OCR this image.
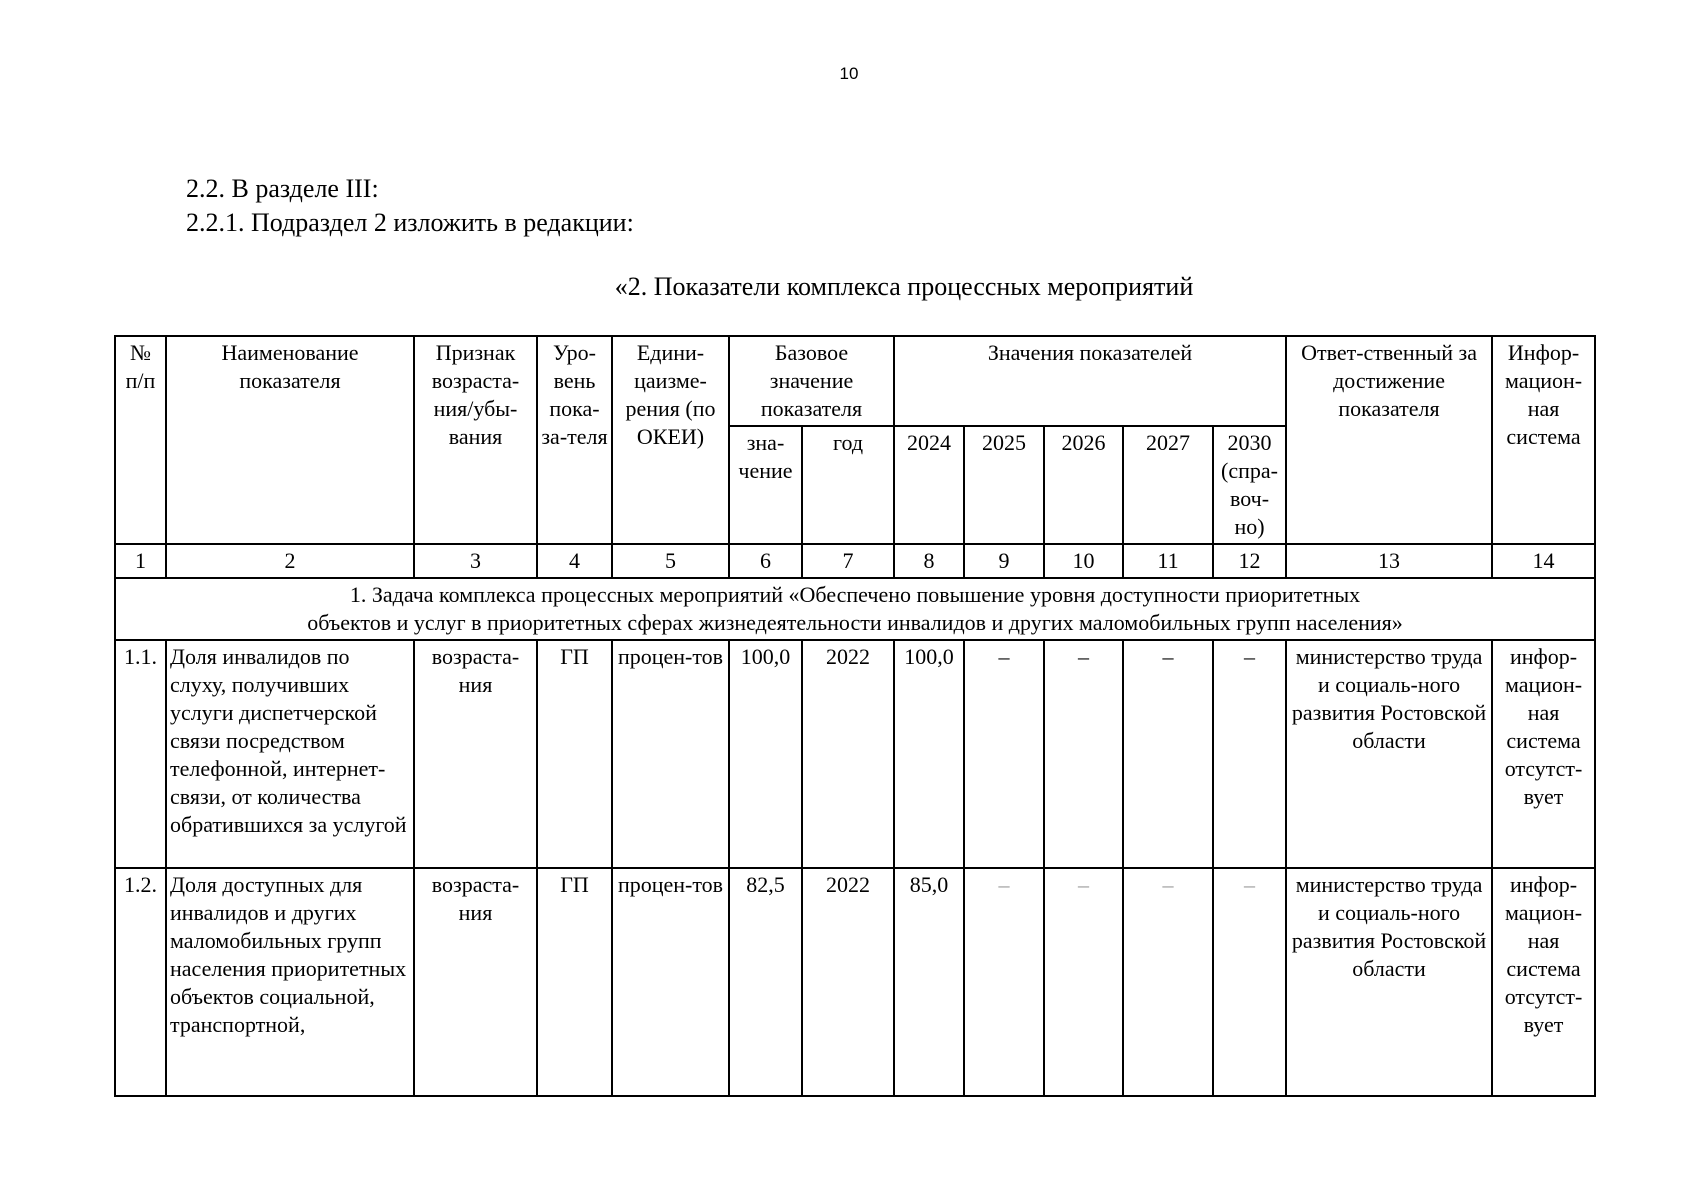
10
2.2. В разделе III:
2.2.1. Подраздел 2 изложить в редакции:
«2. Показатели комплекса процессных мероприятий
№ п/п	Наименование показателя	Признак возраста-ния/убы-вания	Уро-вень пока-за-теля	Едини-цаизме-рения (по ОКЕИ)	Базовое значение показателя		Значения показателей					Ответ-ственный за достижение показателя	Инфор-мацион-ная система
					зна-чение	год	2024	2025	2026	2027	2030 (спра-воч-но)		
1	2	3	4	5	6	7	8	9	10	11	12	13	14

1. Задача комплекса процессных мероприятий «Обеспечено повышение уровня доступности приоритетных
объектов и услуг в приоритетных сферах жизнедеятельности инвалидов и других маломобильных групп населения»													

1.1.	Доля инвалидов по слуху, получивших услуги диспетчерской связи посредством телефонной, интернет-связи, от количества обратившихся за услугой	возраста-ния	ГП	процен-тов	100,0	2022	100,0	–	–	–	–	министерство труда и социаль-ного развития Ростовской области	инфор-мацион-ная система отсутст-вует
1.2.	Доля доступных для инвалидов и других маломобильных групп населения приоритетных объектов социальной, транспортной,	возраста-ния	ГП	процен-тов	82,5	2022	85,0	–	–	–	–	министерство труда и социаль-ного развития Ростовской области	инфор-мацион-ная система отсутст-вует
